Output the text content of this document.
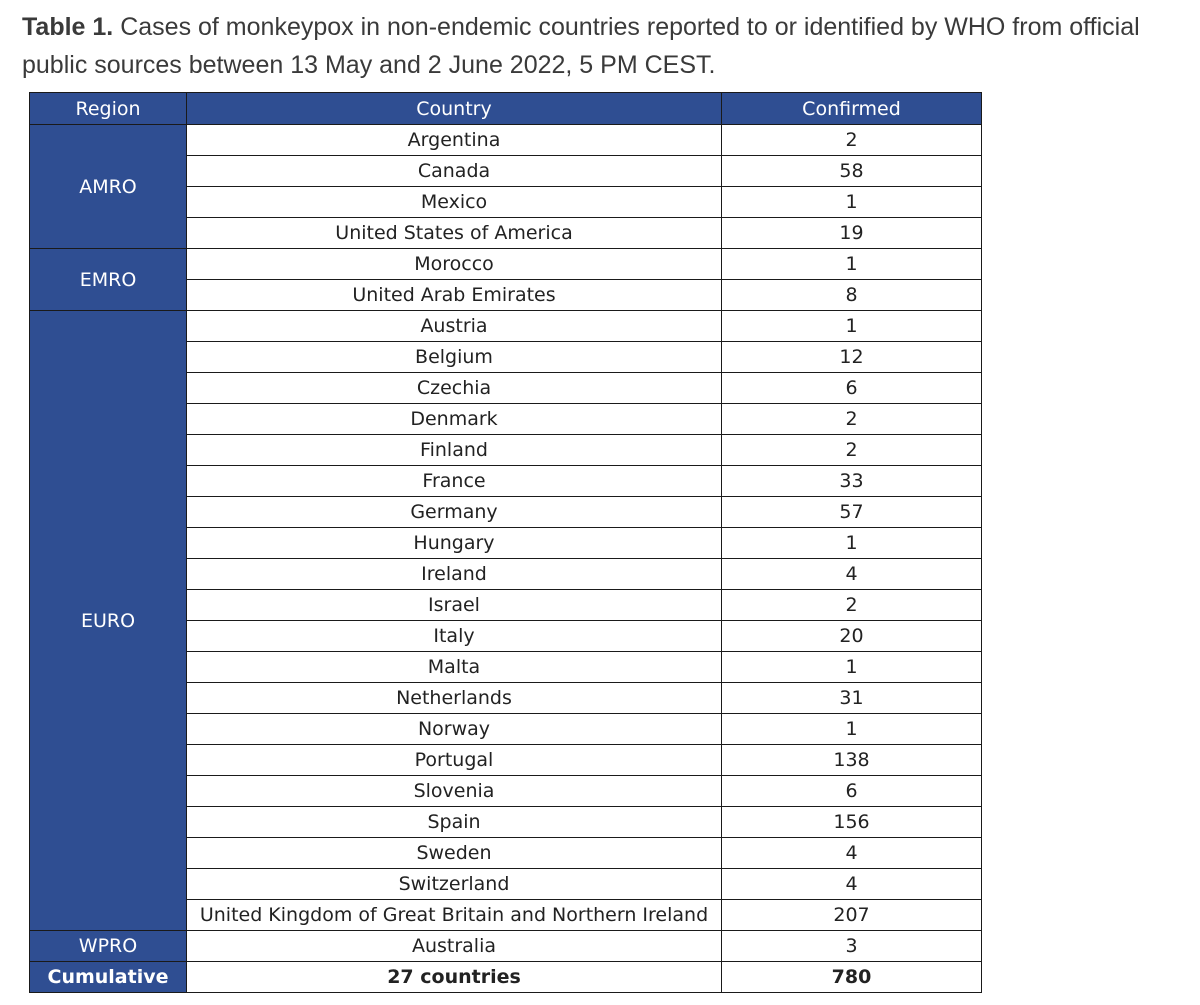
Table 1. Cases of monkeypox in non-endemic countries reported to or identified by WHO from official public sources between 13 May and 2 June 2022, 5 PM CEST.
Region	Country	Confirmed
AMRO	Argentina	2
	Canada	58
	Mexico	1
	United States of America	19
EMRO	Morocco	1
	United Arab Emirates	8
EURO	Austria	1
	Belgium	12
	Czechia	6
	Denmark	2
	Finland	2
	France	33
	Germany	57
	Hungary	1
	Ireland	4
	Israel	2
	Italy	20
	Malta	1
	Netherlands	31
	Norway	1
	Portugal	138
	Slovenia	6
	Spain	156
	Sweden	4
	Switzerland	4
	United Kingdom of Great Britain and Northern Ireland	207
WPRO	Australia	3
Cumulative	27 countries	780
